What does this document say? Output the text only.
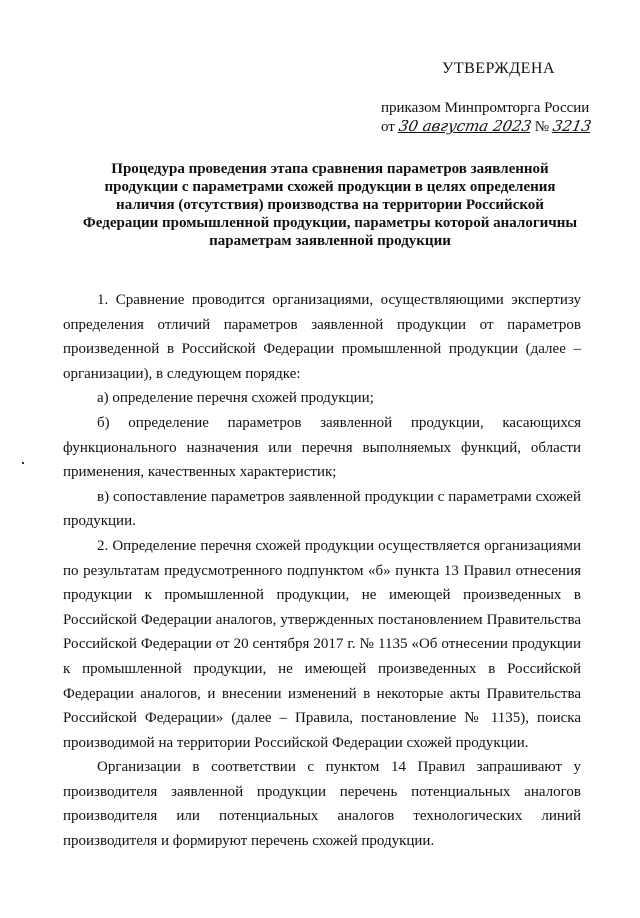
УТВЕРЖДЕНА
приказом Минпромторга России
от 30 августа 2023 № 3213
Процедура проведения этапа сравнения параметров заявленной продукции с параметрами схожей продукции в целях определения наличия (отсутствия) производства на территории Российской Федерации промышленной продукции, параметры которой аналогичны параметрам заявленной продукции

1. Сравнение проводится организациями, осуществляющими экспертизу определения отличий параметров заявленной продукции от параметров произведенной в Российской Федерации промышленной продукции (далее – организации), в следующем порядке:

а) определение перечня схожей продукции;

б) определение параметров заявленной продукции, касающихся функционального назначения или перечня выполняемых функций, области применения, качественных характеристик;

в) сопоставление параметров заявленной продукции с параметрами схожей продукции.

2. Определение перечня схожей продукции осуществляется организациями по результатам предусмотренного подпунктом «б» пункта 13 Правил отнесения продукции к промышленной продукции, не имеющей произведенных в Российской Федерации аналогов, утвержденных постановлением Правительства Российской Федерации от 20 сентября 2017 г. № 1135 «Об отнесении продукции к промышленной продукции, не имеющей произведенных в Российской Федерации аналогов, и внесении изменений в некоторые акты Правительства Российской Федерации» (далее – Правила, постановление № 1135), поиска производимой на территории Российской Федерации схожей продукции.

Организации в соответствии с пунктом 14 Правил запрашивают у производителя заявленной продукции перечень потенциальных аналогов производителя или потенциальных аналогов технологических линий производителя и формируют перечень схожей продукции.
